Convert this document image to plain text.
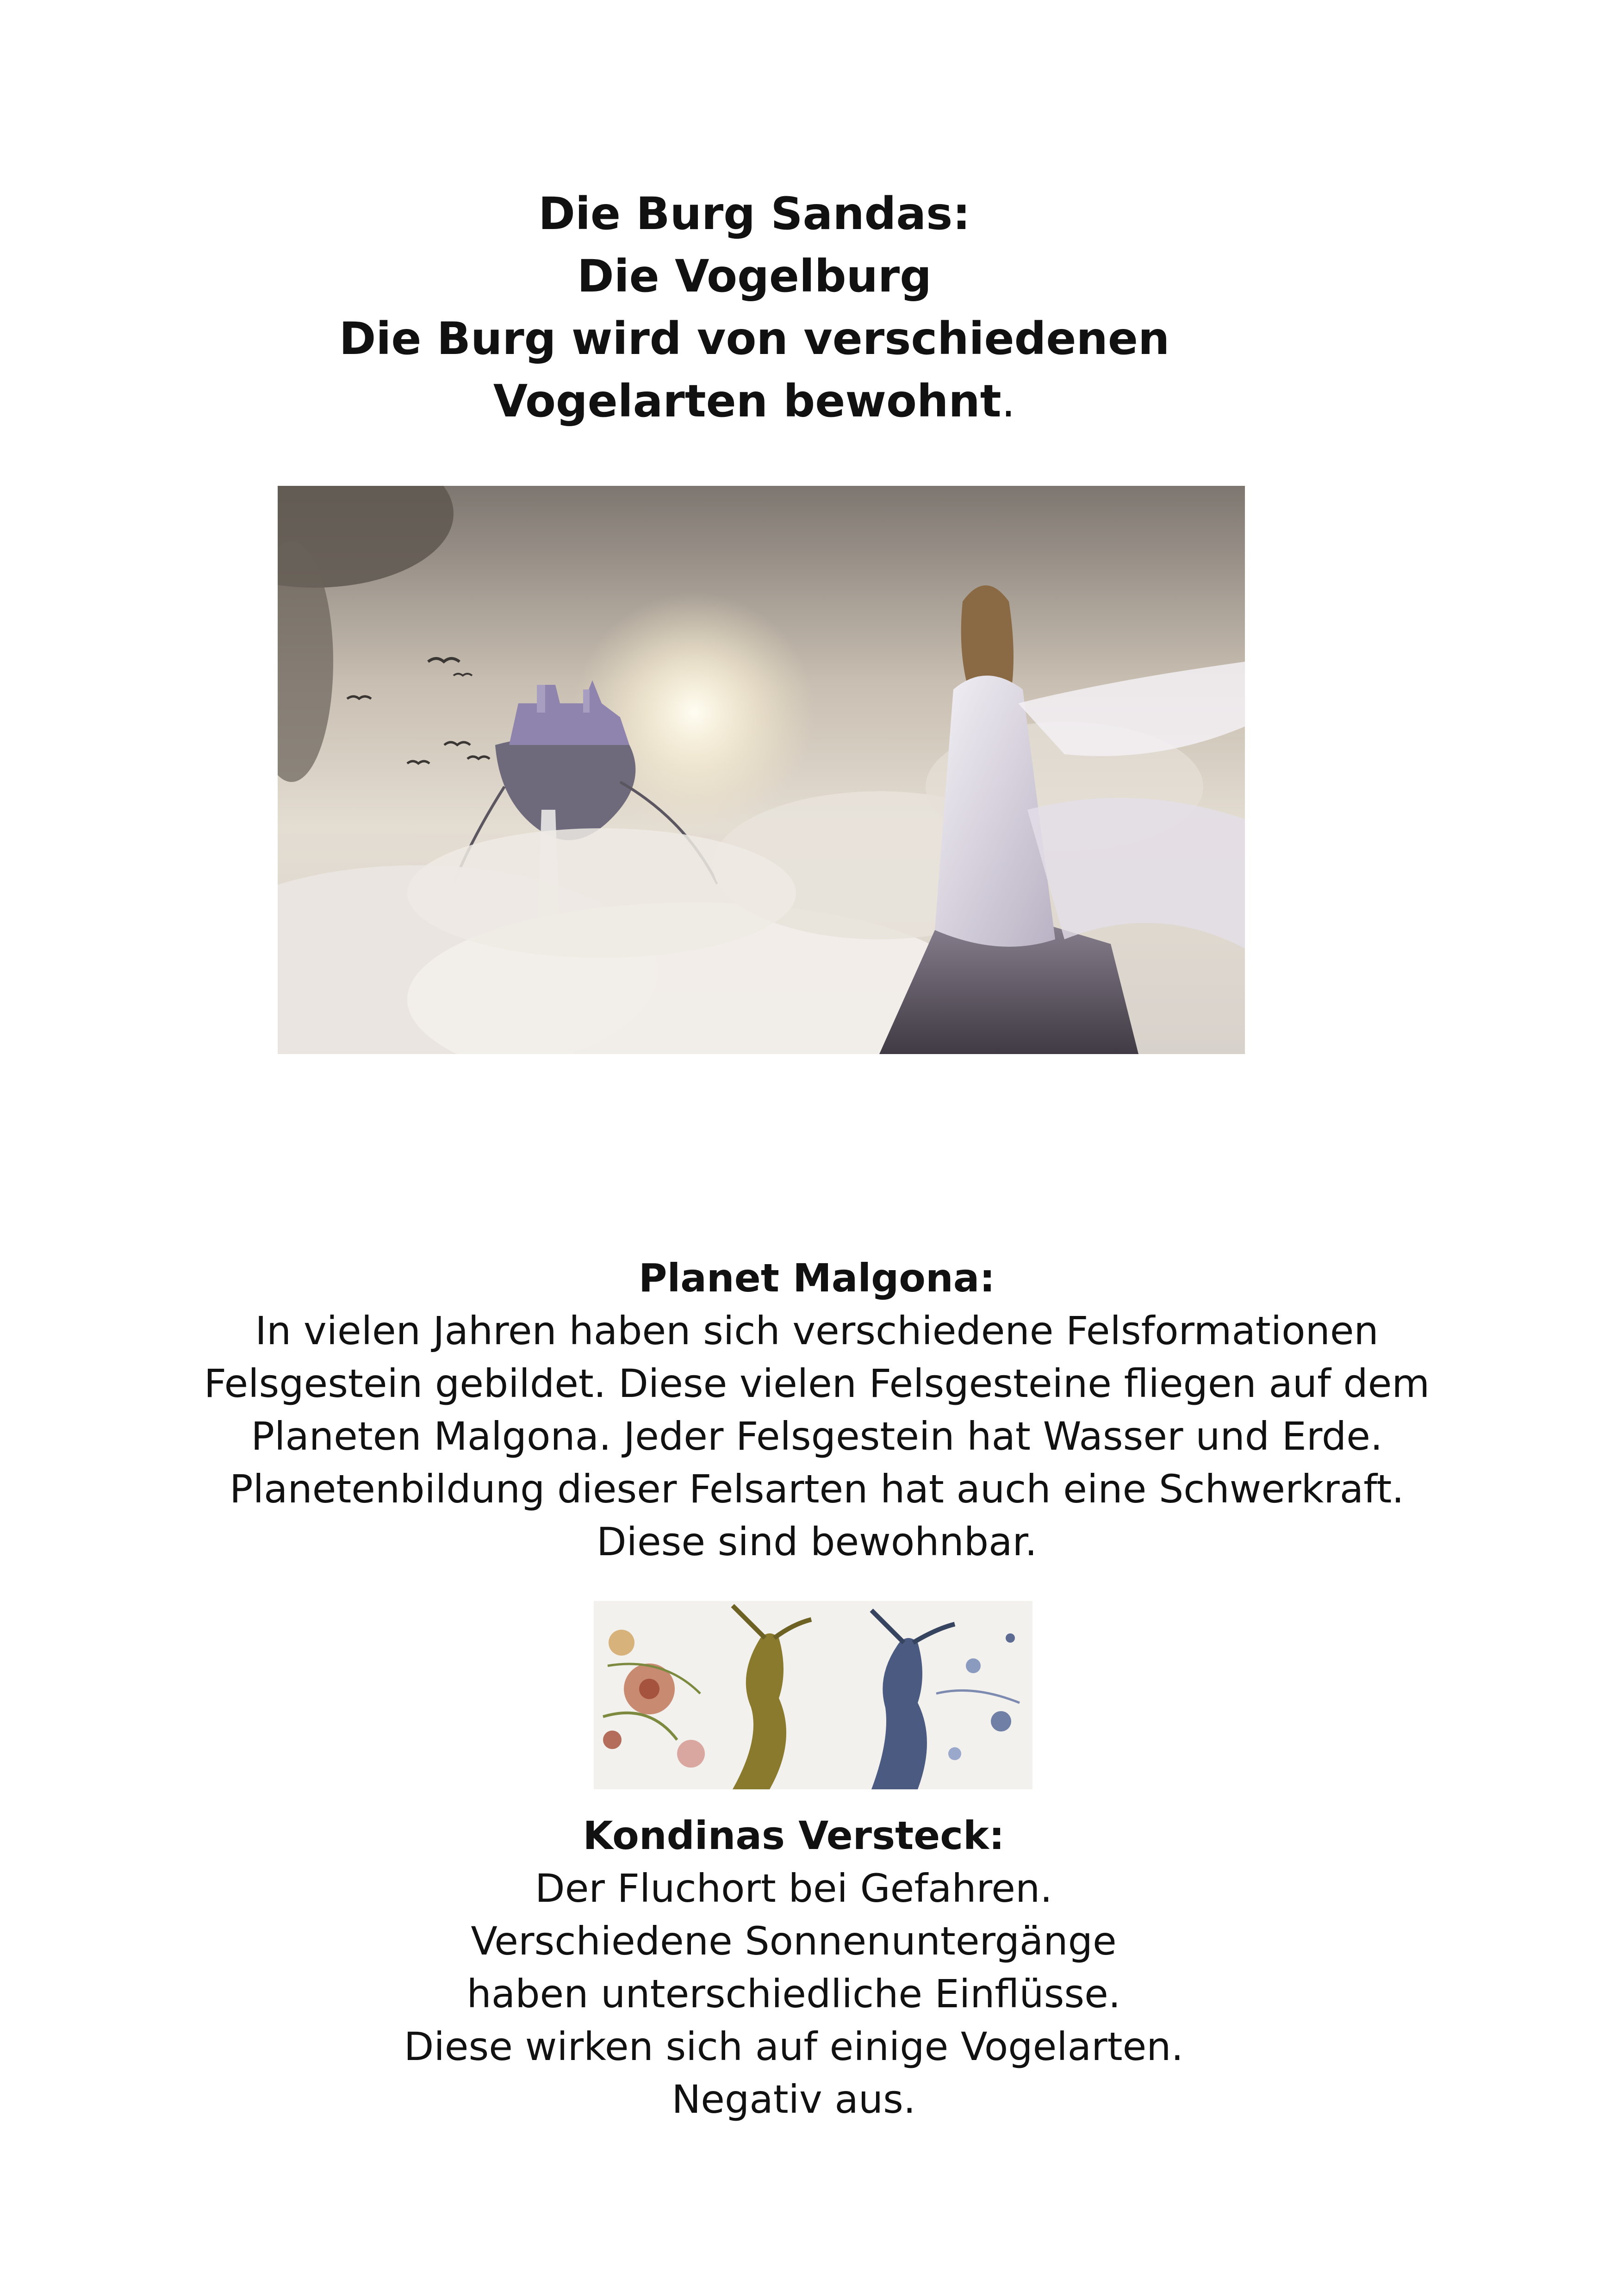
Die Burg Sandas:
Die Vogelburg
Die Burg wird von verschiedenen
Vogelarten bewohnt.
Planet Malgona:
In vielen Jahren haben sich verschiedene Felsformationen
Felsgestein gebildet. Diese vielen Felsgesteine fliegen auf dem
Planeten Malgona. Jeder Felsgestein hat Wasser und Erde.
Planetenbildung dieser Felsarten hat auch eine Schwerkraft.
Diese sind bewohnbar.
Kondinas Versteck:
Der Fluchort bei Gefahren.
Verschiedene Sonnenuntergänge
haben unterschiedliche Einflüsse.
Diese wirken sich auf einige Vogelarten.
Negativ aus.
